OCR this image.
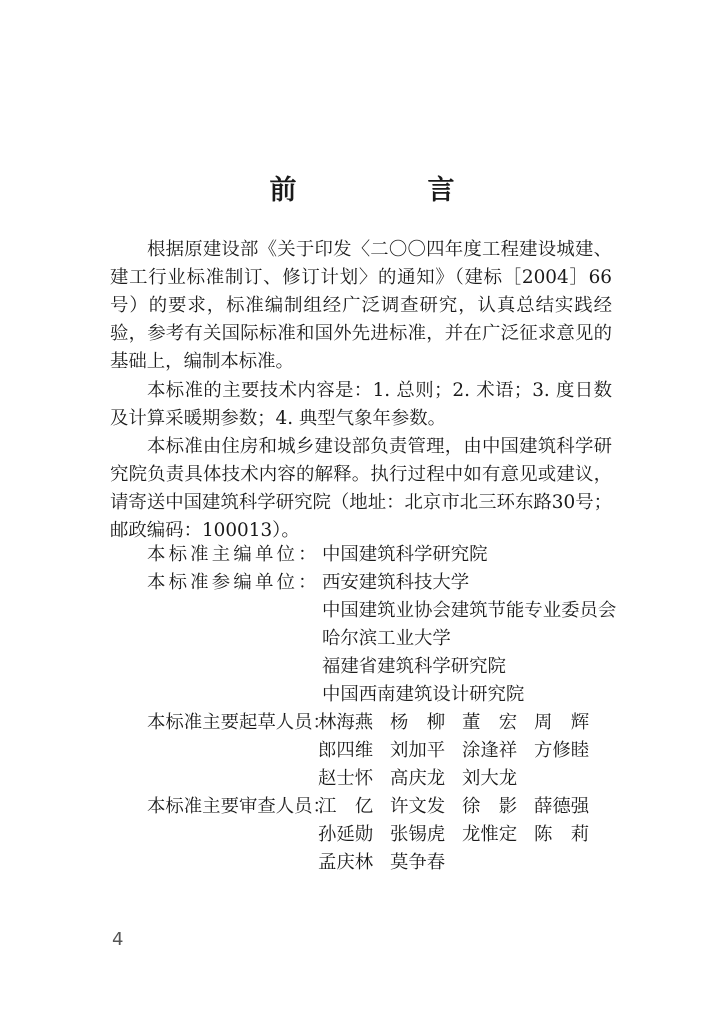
前　言

根据原建设部《关于印发〈二〇〇四年度工程建设城建、建工行业标准制订、修订计划〉的通知》（建标［2004］66号）的要求，标准编制组经广泛调查研究，认真总结实践经验，参考有关国际标准和国外先进标准，并在广泛征求意见的基础上，编制本标准。

本标准的主要技术内容是：1. 总则；2. 术语；3. 度日数及计算采暖期参数；4. 典型气象年参数。

本标准由住房和城乡建设部负责管理，由中国建筑科学研究院负责具体技术内容的解释。执行过程中如有意见或建议，请寄送中国建筑科学研究院（地址：北京市北三环东路30号；邮政编码：100013）。

本标准主编单位： 中国建筑科学研究院
本标准参编单位： 西安建筑科技大学
中国建筑业协会建筑节能专业委员会
哈尔滨工业大学
福建省建筑科学研究院
中国西南建筑设计研究院
本标准主要起草人员：
林海燕 杨　柳 董　宏 周　辉
郎四维 刘加平 涂逢祥 方修睦
赵士怀 高庆龙 刘大龙
本标准主要审查人员：
江　亿 许文发 徐　影 薛德强
孙延勋 张锡虎 龙惟定 陈　莉
孟庆林 莫争春
4
